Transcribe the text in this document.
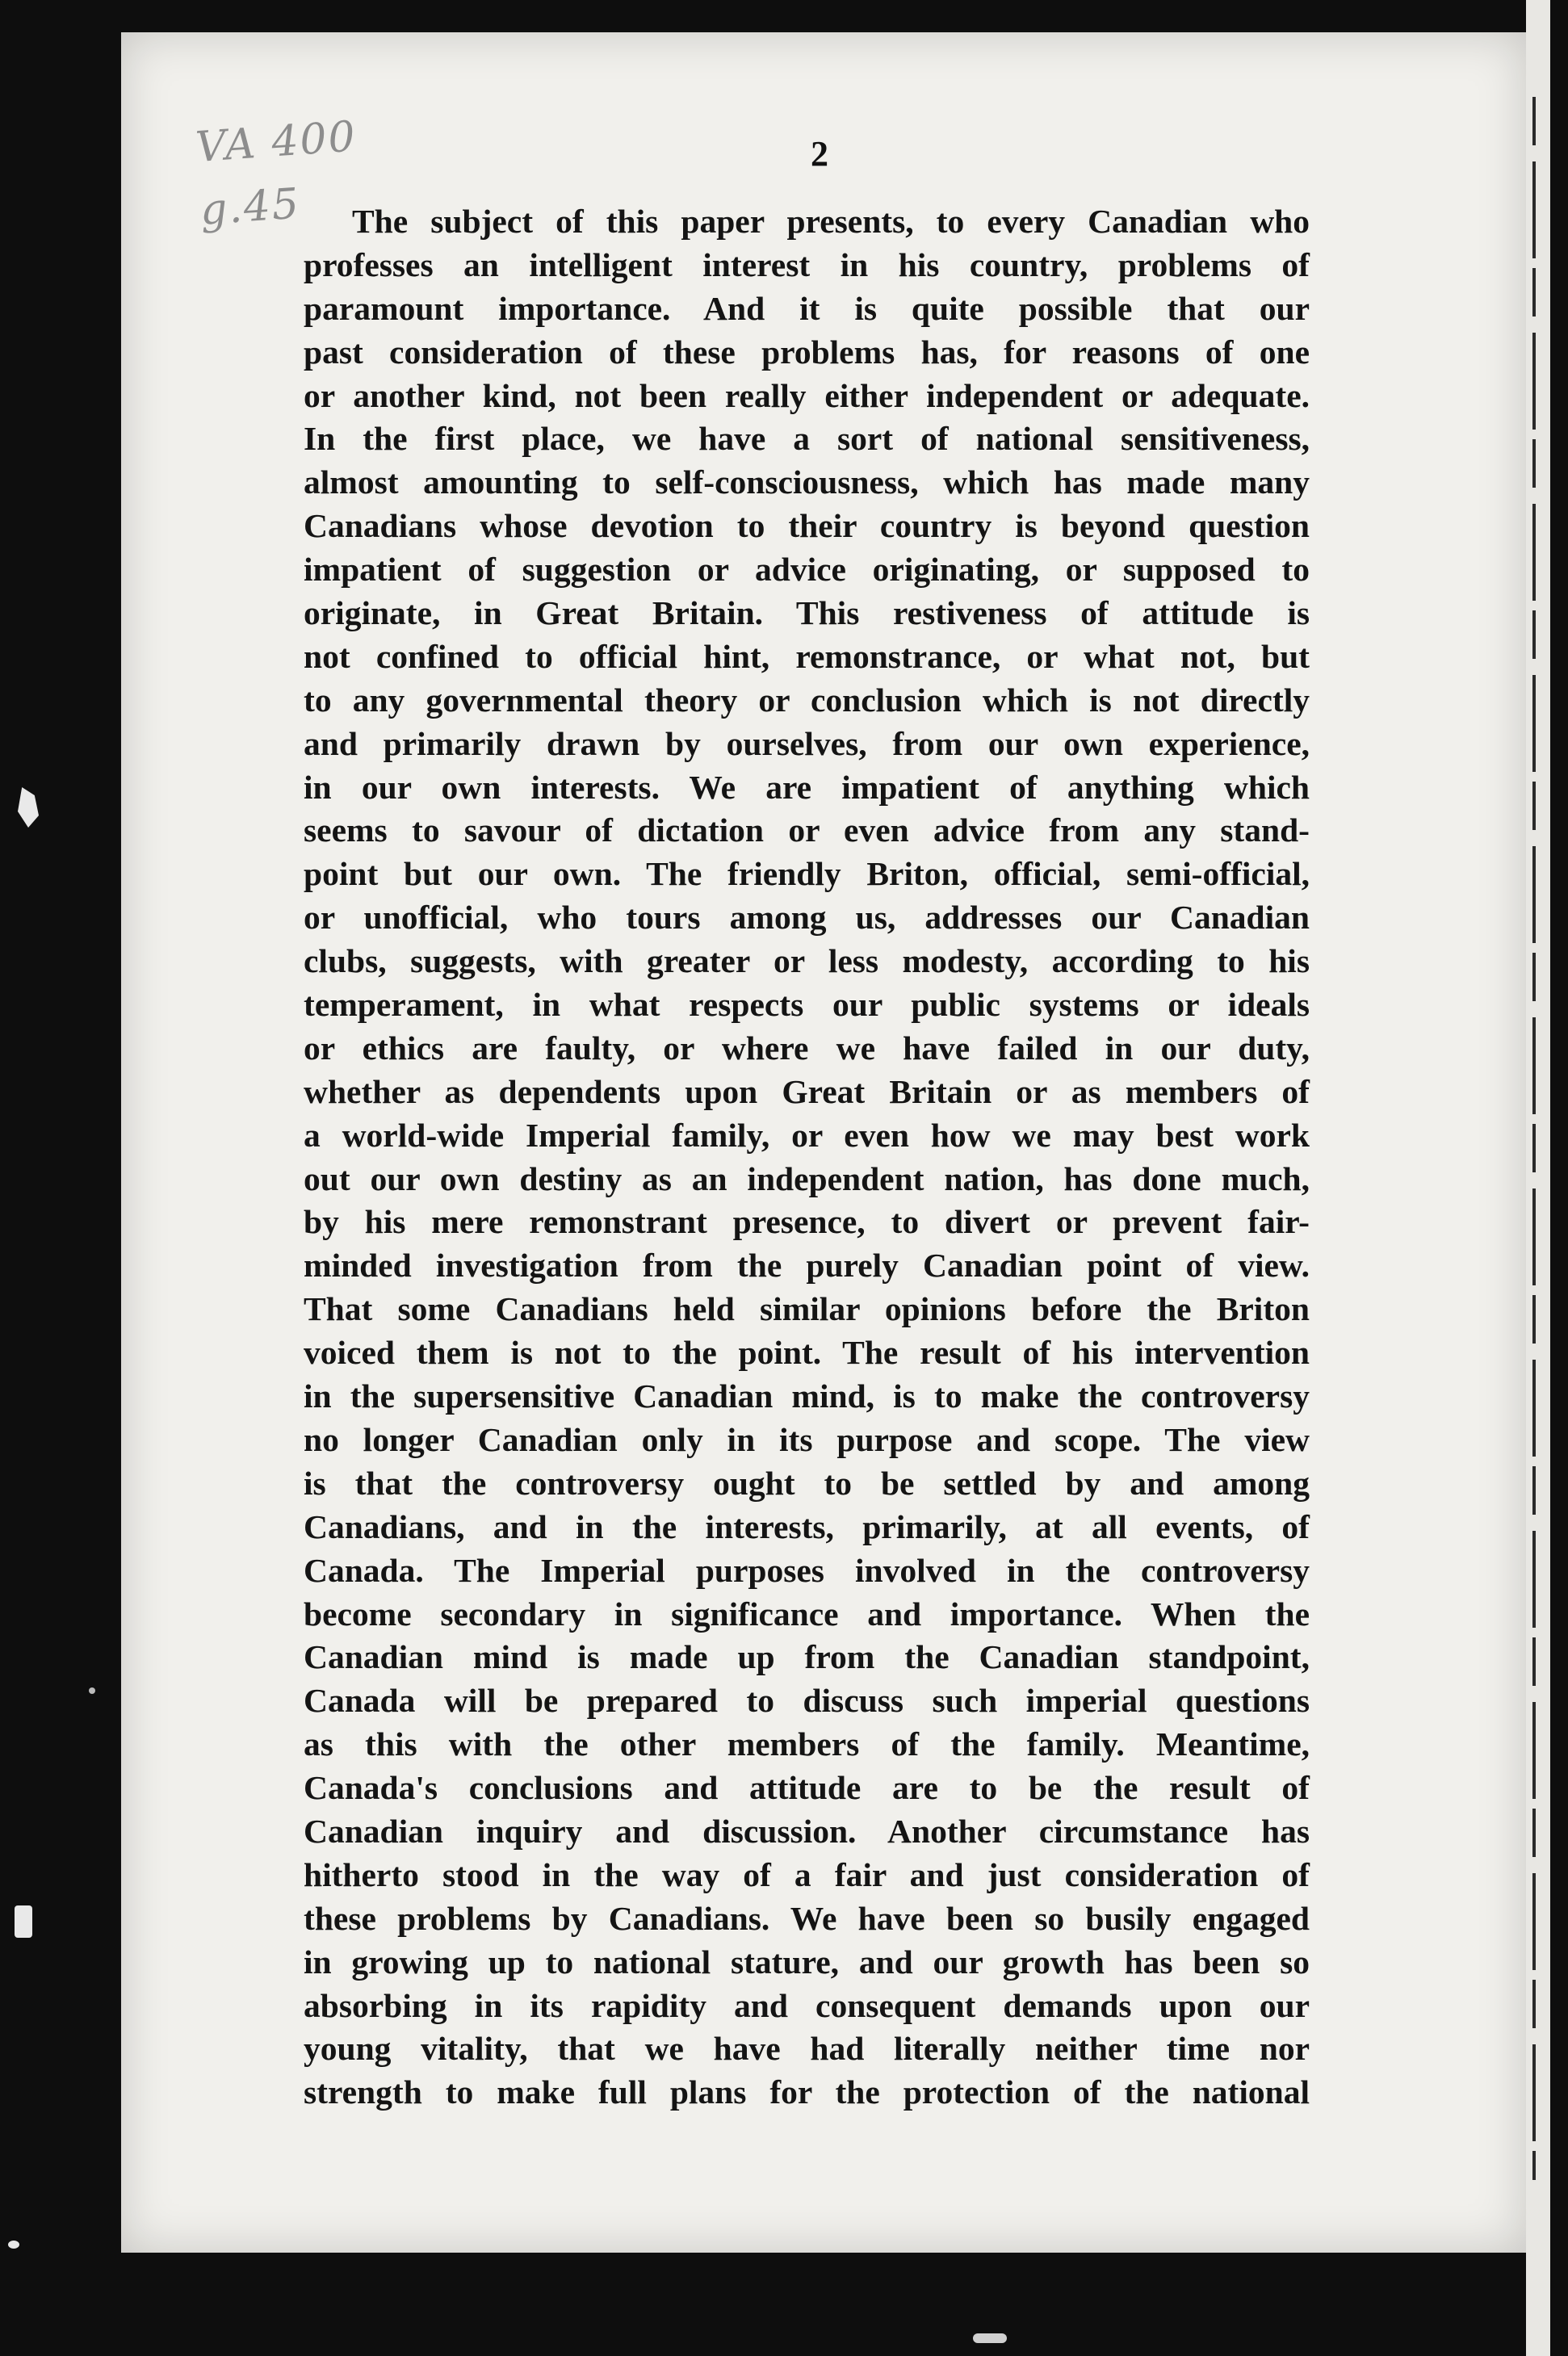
VA 400
g.45
2
The subject of this paper presents, to every Canadian who
professes an intelligent interest in his country, problems of
paramount importance. And it is quite possible that our
past consideration of these problems has, for reasons of one
or another kind, not been really either independent or adequate.
In the first place, we have a sort of national sensitiveness,
almost amounting to self-consciousness, which has made many
Canadians whose devotion to their country is beyond question
impatient of suggestion or advice originating, or supposed to
originate, in Great Britain. This restiveness of attitude is
not confined to official hint, remonstrance, or what not, but
to any governmental theory or conclusion which is not directly
and primarily drawn by ourselves, from our own experience,
in our own interests. We are impatient of anything which
seems to savour of dictation or even advice from any stand-
point but our own. The friendly Briton, official, semi-official,
or unofficial, who tours among us, addresses our Canadian
clubs, suggests, with greater or less modesty, according to his
temperament, in what respects our public systems or ideals
or ethics are faulty, or where we have failed in our duty,
whether as dependents upon Great Britain or as members of
a world-wide Imperial family, or even how we may best work
out our own destiny as an independent nation, has done much,
by his mere remonstrant presence, to divert or prevent fair-
minded investigation from the purely Canadian point of view.
That some Canadians held similar opinions before the Briton
voiced them is not to the point. The result of his intervention
in the supersensitive Canadian mind, is to make the controversy
no longer Canadian only in its purpose and scope. The view
is that the controversy ought to be settled by and among
Canadians, and in the interests, primarily, at all events, of
Canada. The Imperial purposes involved in the controversy
become secondary in significance and importance. When the
Canadian mind is made up from the Canadian standpoint,
Canada will be prepared to discuss such imperial questions
as this with the other members of the family. Meantime,
Canada's conclusions and attitude are to be the result of
Canadian inquiry and discussion. Another circumstance has
hitherto stood in the way of a fair and just consideration of
these problems by Canadians. We have been so busily engaged
in growing up to national stature, and our growth has been so
absorbing in its rapidity and consequent demands upon our
young vitality, that we have had literally neither time nor
strength to make full plans for the protection of the national
